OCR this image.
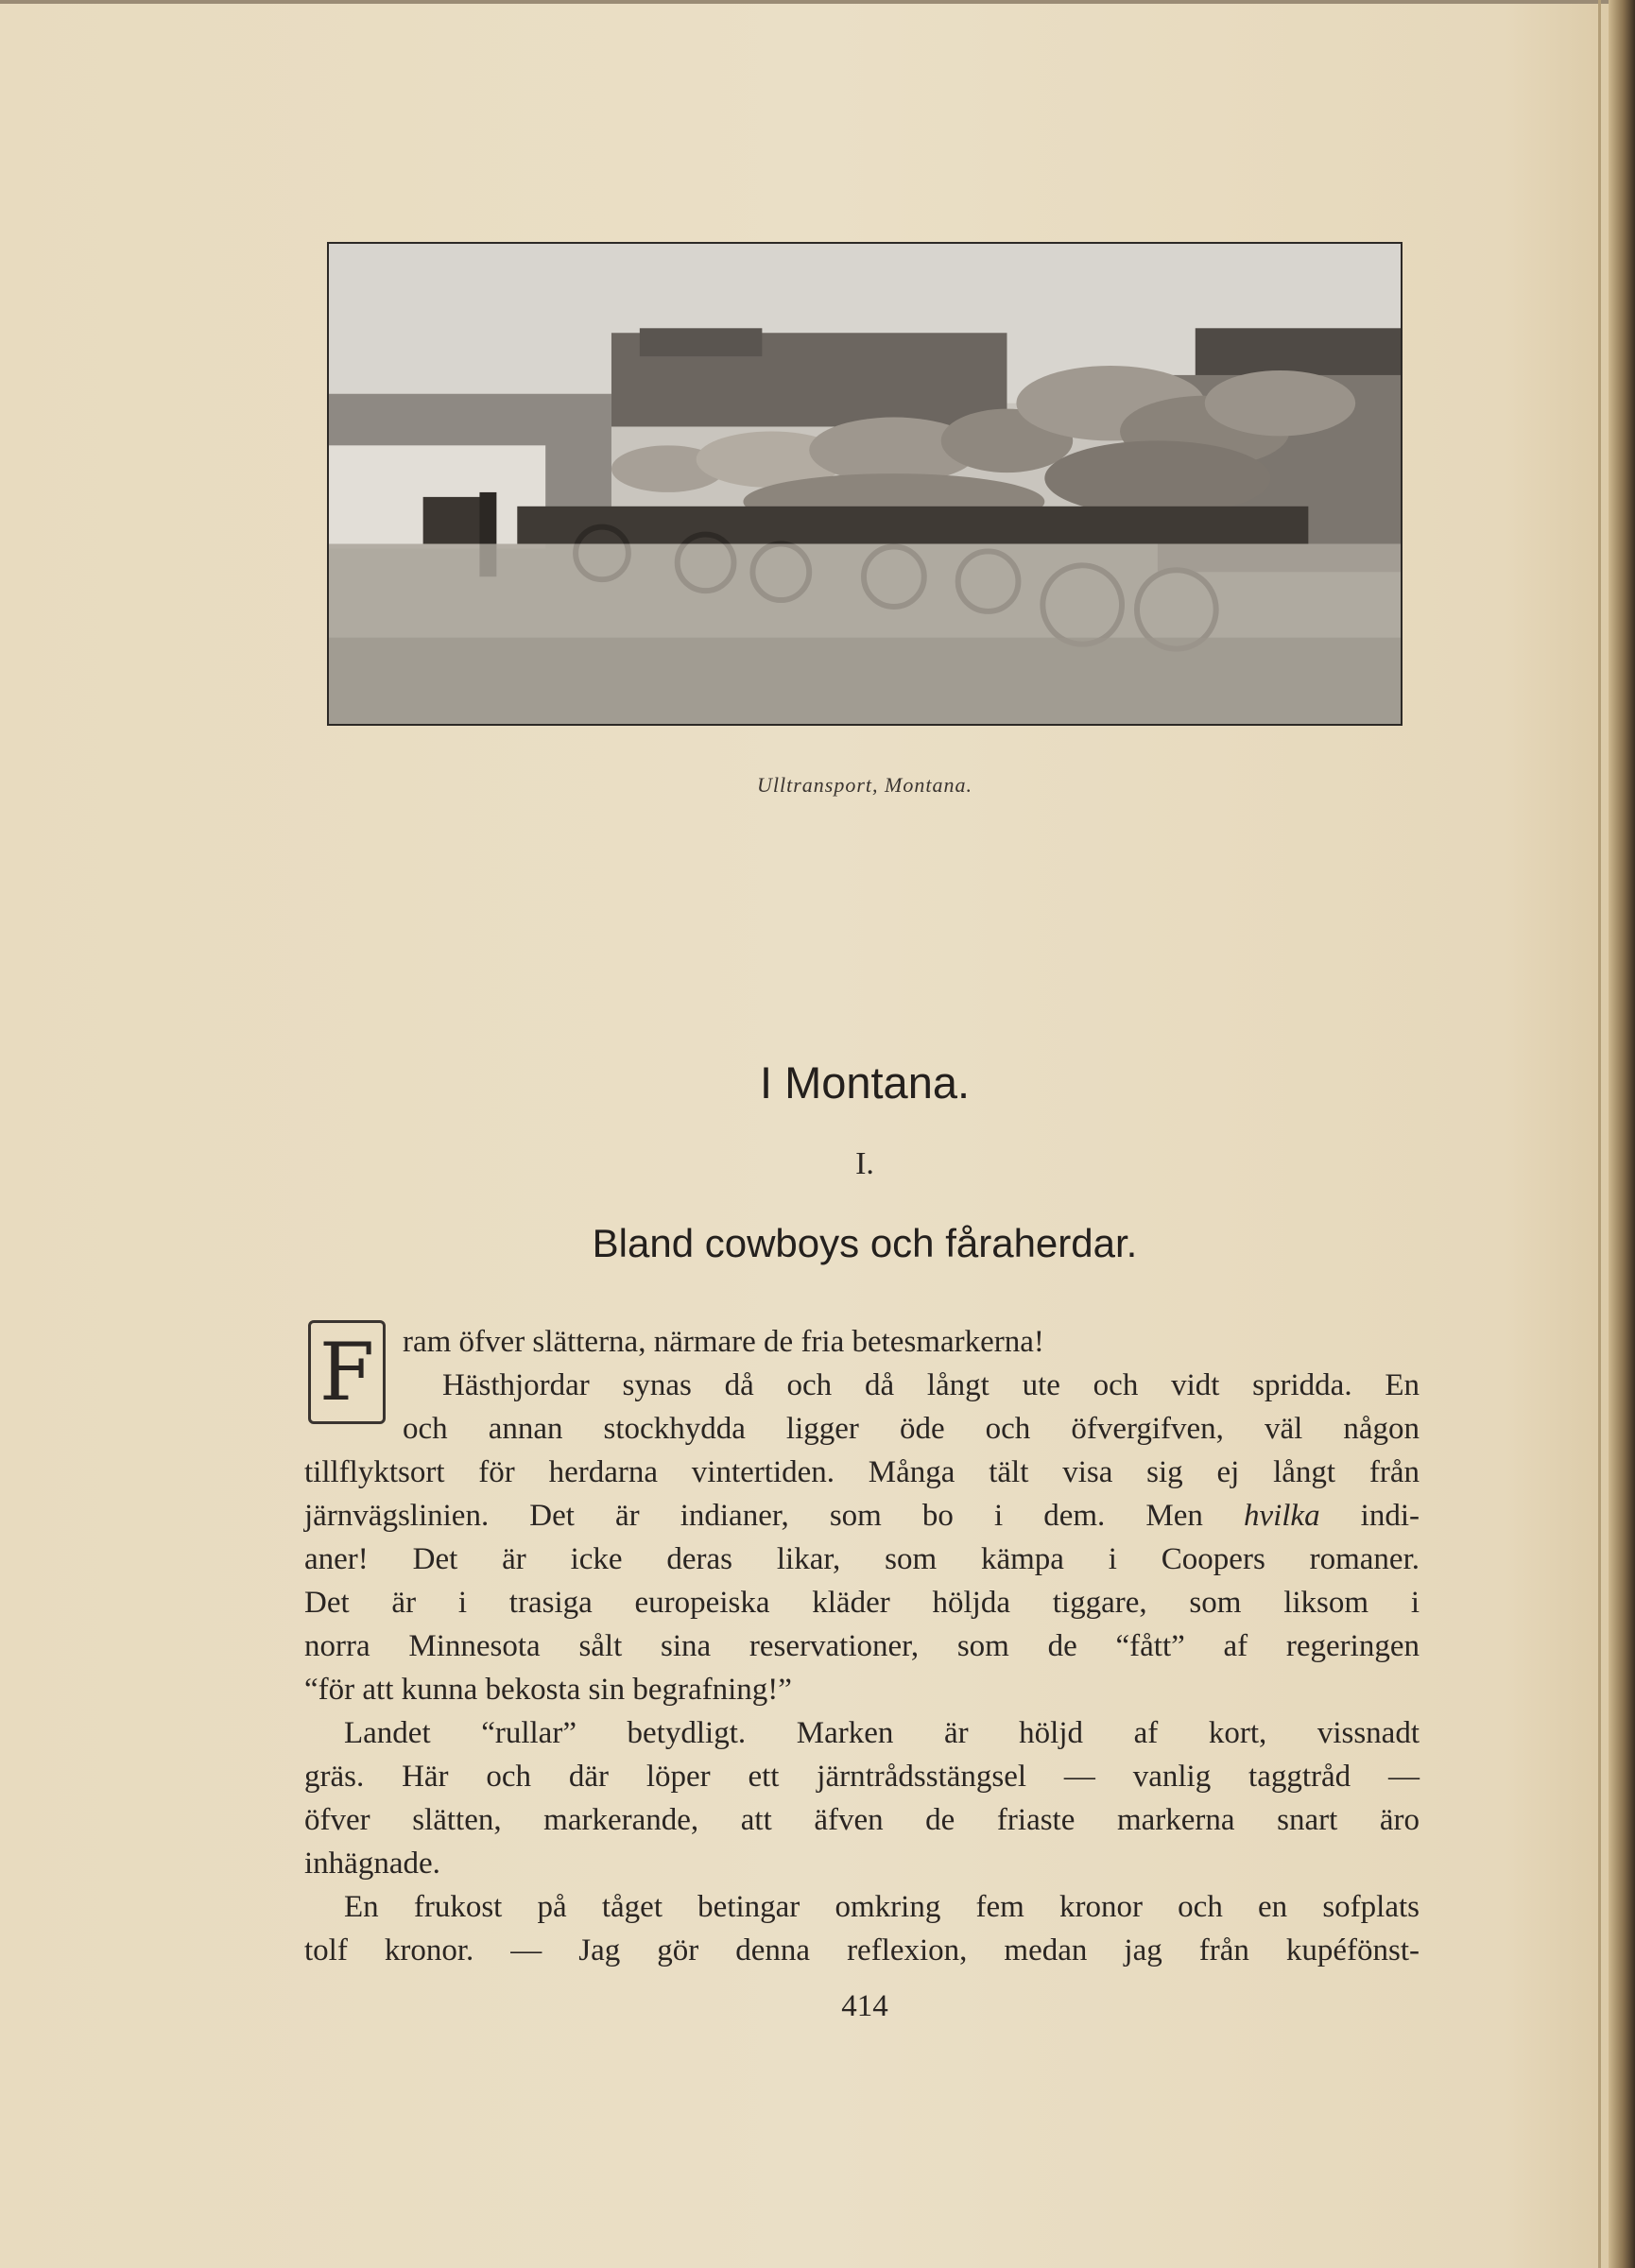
Ulltransport, Montana.
I Montana.
I.
Bland cowboys och fåraherdar.
F ram öfver slätterna, närmare de fria betesmarkerna!
Hästhjordar synas då och då långt ute och vidt spridda. En
och annan stockhydda ligger öde och öfvergifven, väl någon
tillflyktsort för herdarna vintertiden. Många tält visa sig ej långt från
järnvägslinien. Det är indianer, som bo i dem. Men hvilka indi-
aner! Det är icke deras likar, som kämpa i Coopers romaner.
Det är i trasiga europeiska kläder höljda tiggare, som liksom i
norra Minnesota sålt sina reservationer, som de “fått” af regeringen
“för att kunna bekosta sin begrafning!”
Landet “rullar” betydligt. Marken är höljd af kort, vissnadt
gräs. Här och där löper ett järntrådsstängsel — vanlig taggtråd —
öfver slätten, markerande, att äfven de friaste markerna snart äro
inhägnade.
En frukost på tåget betingar omkring fem kronor och en sofplats
tolf kronor. — Jag gör denna reflexion, medan jag från kupéfönst-
414
